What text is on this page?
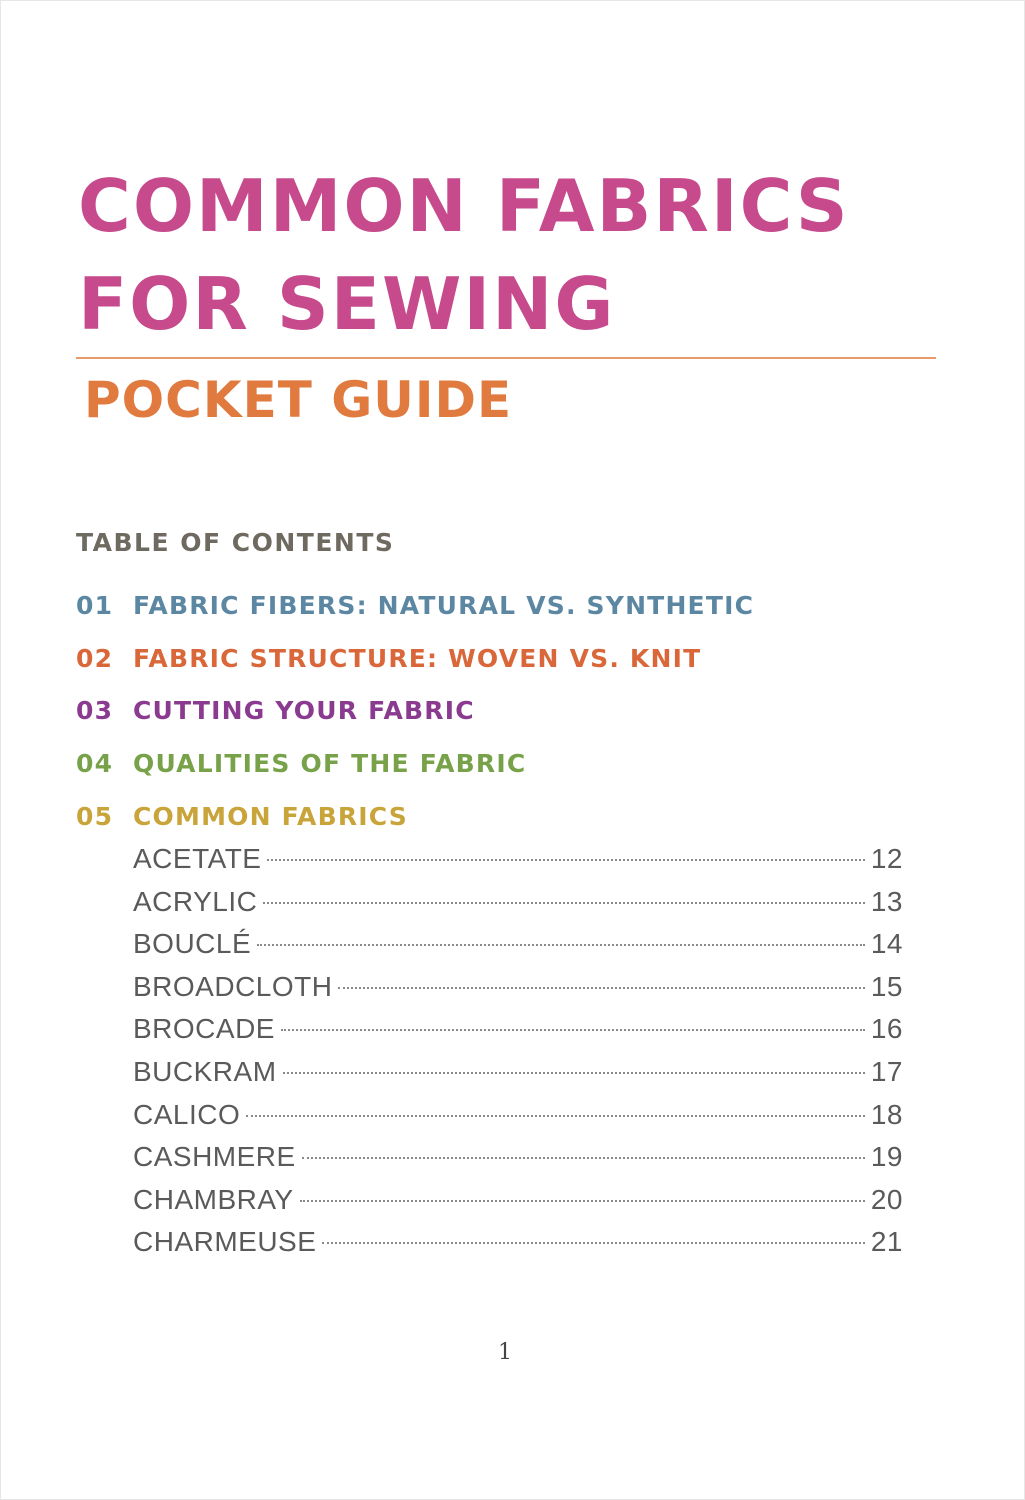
COMMON FABRICS
FOR SEWING
POCKET GUIDE
TABLE OF CONTENTS
01 FABRIC FIBERS: NATURAL VS. SYNTHETIC
02 FABRIC STRUCTURE: WOVEN VS. KNIT
03 CUTTING YOUR FABRIC
04 QUALITIES OF THE FABRIC
05 COMMON FABRICS
ACETATE	12
ACRYLIC	13
BOUCLÉ	14
BROADCLOTH	15
BROCADE	16
BUCKRAM	17
CALICO	18
CASHMERE	19
CHAMBRAY	20
CHARMEUSE	21
1
